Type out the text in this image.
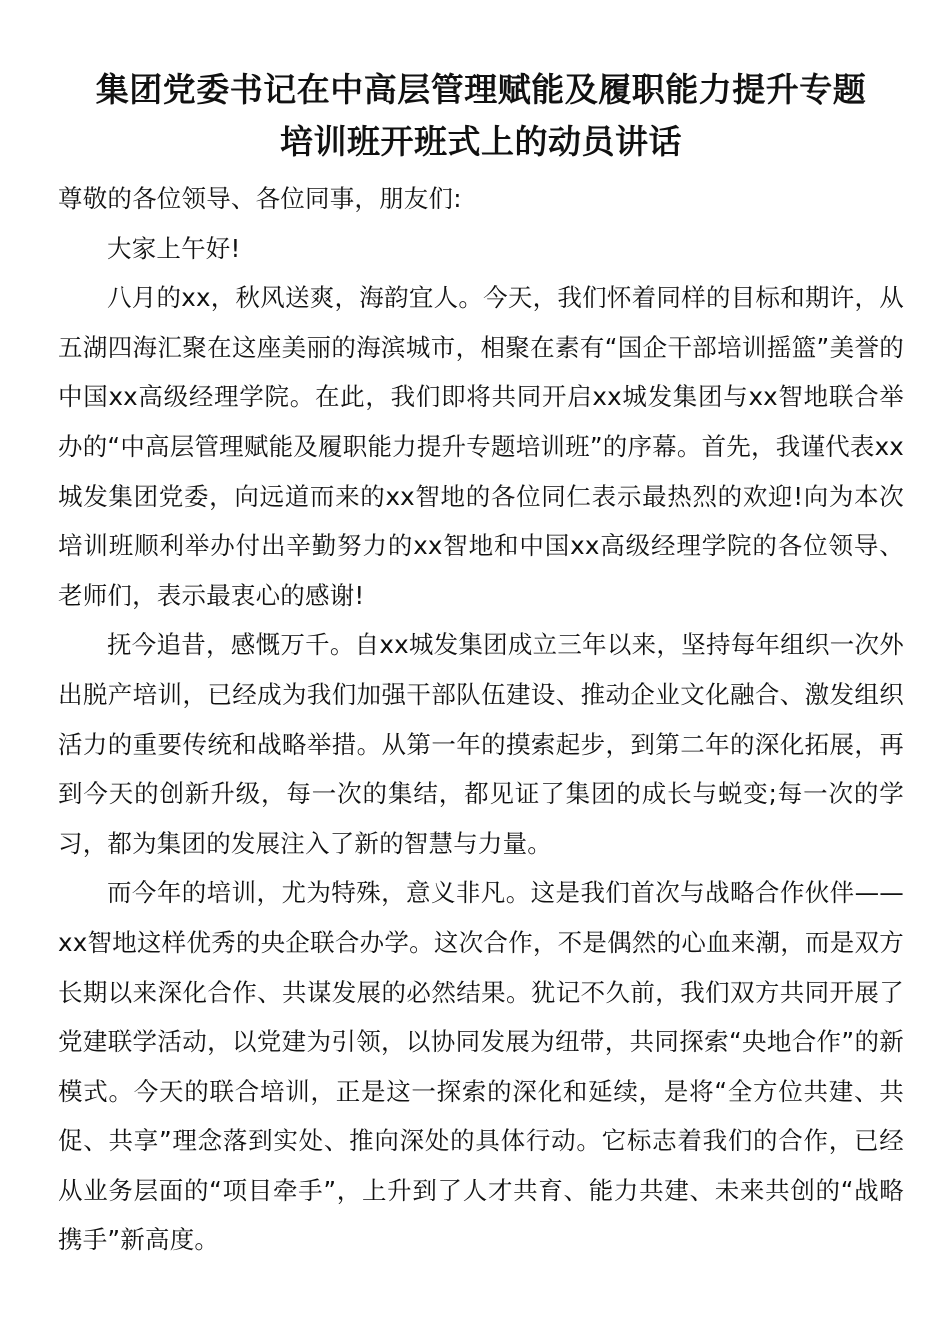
集团党委书记在中高层管理赋能及履职能力提升专题
培训班开班式上的动员讲话

尊敬的各位领导、各位同事，朋友们:

大家上午好!

八月的xx，秋风送爽，海韵宜人。今天，我们怀着同样的目标和期许，从五湖四海汇聚在这座美丽的海滨城市，相聚在素有“国企干部培训摇篮”美誉的中国xx高级经理学院。在此，我们即将共同开启xx城发集团与xx智地联合举办的“中高层管理赋能及履职能力提升专题培训班”的序幕。首先，我谨代表xx城发集团党委，向远道而来的xx智地的各位同仁表示最热烈的欢迎!向为本次培训班顺利举办付出辛勤努力的xx智地和中国xx高级经理学院的各位领导、老师们，表示最衷心的感谢!

抚今追昔，感慨万千。自xx城发集团成立三年以来，坚持每年组织一次外出脱产培训，已经成为我们加强干部队伍建设、推动企业文化融合、激发组织活力的重要传统和战略举措。从第一年的摸索起步，到第二年的深化拓展，再到今天的创新升级，每一次的集结，都见证了集团的成长与蜕变;每一次的学习，都为集团的发展注入了新的智慧与力量。

而今年的培训，尤为特殊，意义非凡。这是我们首次与战略合作伙伴——xx智地这样优秀的央企联合办学。这次合作，不是偶然的心血来潮，而是双方长期以来深化合作、共谋发展的必然结果。犹记不久前，我们双方共同开展了党建联学活动，以党建为引领，以协同发展为纽带，共同探索“央地合作”的新模式。今天的联合培训，正是这一探索的深化和延续，是将“全方位共建、共促、共享”理念落到实处、推向深处的具体行动。它标志着我们的合作，已经从业务层面的“项目牵手”，上升到了人才共育、能力共建、未来共创的“战略携手”新高度。
